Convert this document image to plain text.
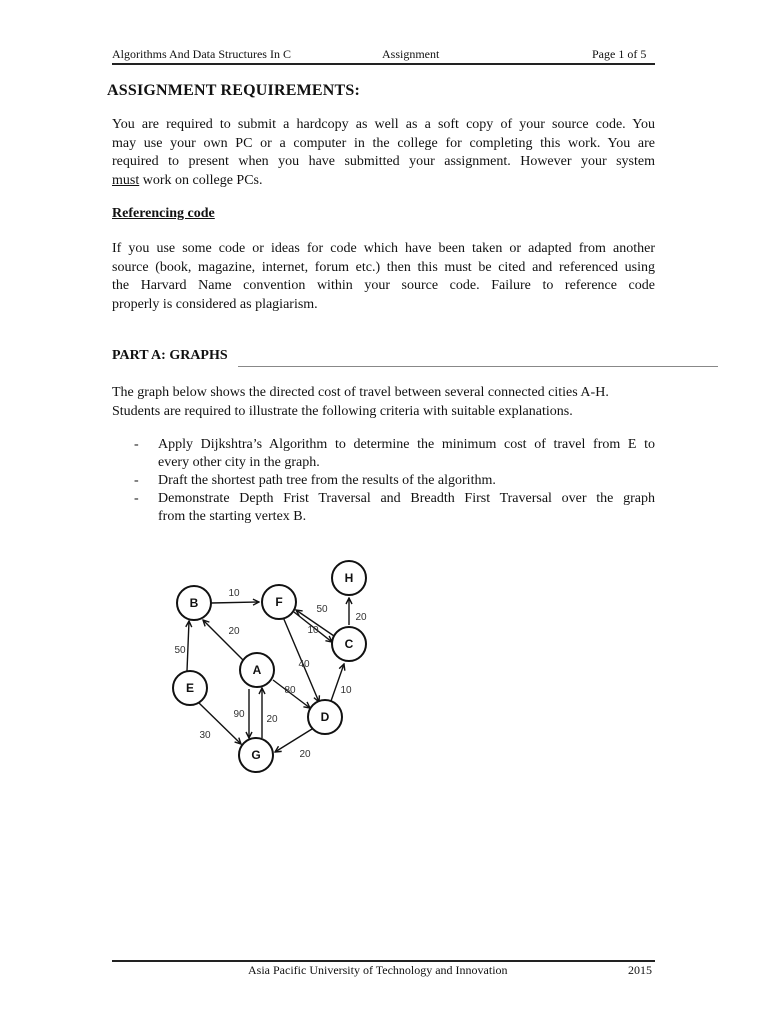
Algorithms And Data Structures In C	Assignment	Page 1 of 5
ASSIGNMENT REQUIREMENTS:
You are required to submit a hardcopy as well as a soft copy of your source code. You
may use your own PC or a computer in the college for completing this work. You are
required to present when you have submitted your assignment. However your system
must work on college PCs.
Referencing code
If you use some code or ideas for code which have been taken or adapted from another
source (book, magazine, internet, forum etc.) then this must be cited and referenced using
the Harvard Name convention within your source code. Failure to reference code
properly is considered as plagiarism.
PART A: GRAPHS
The graph below shows the directed cost of travel between several connected cities A-H.
Students are required to illustrate the following criteria with suitable explanations.
- Apply Dijkshtra’s Algorithm to determine the minimum cost of travel from E to
every other city in the graph.
- Draft the shortest path tree from the results of the algorithm.
- Demonstrate Depth Frist Traversal and Breadth First Traversal over the graph
from the starting vertex B.
B	F
H
C
A
E
D
G
10
50
20
10
20
50
40
80	10
90 20
30
20
Asia Pacific University of Technology and Innovation	2015
